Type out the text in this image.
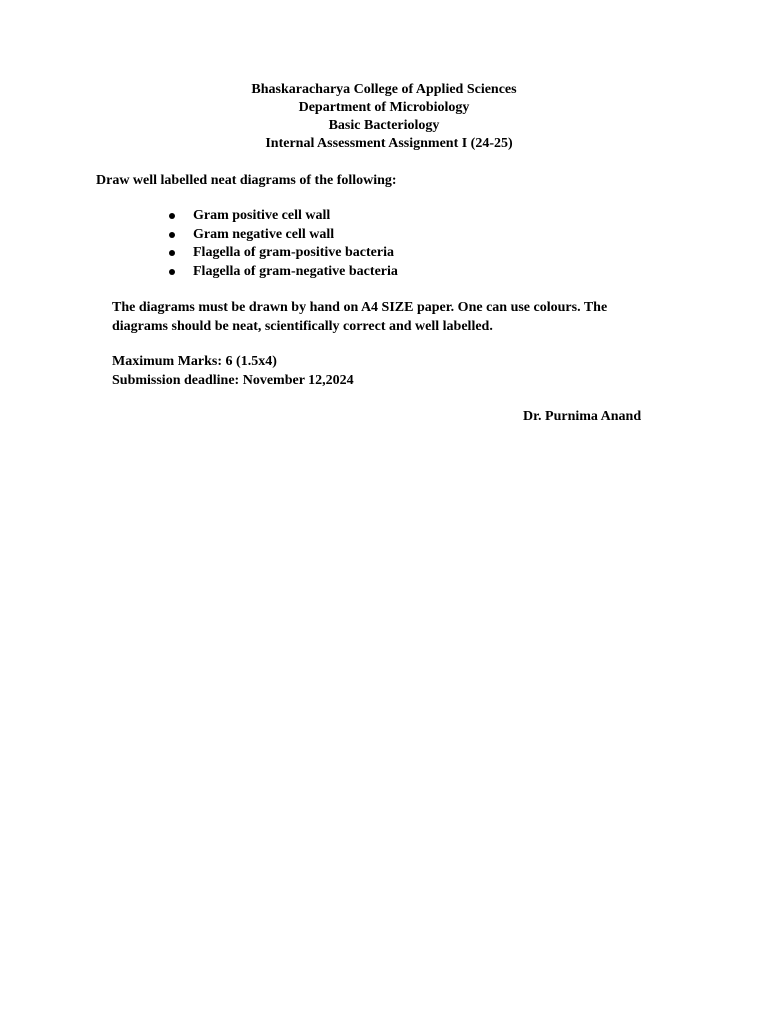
Bhaskaracharya College of Applied Sciences
Department of Microbiology
Basic Bacteriology
Internal Assessment Assignment I (24-25)
Draw well labelled neat diagrams of the following:
Gram positive cell wall
Gram negative cell wall
Flagella of gram-positive bacteria
Flagella of gram-negative bacteria
The diagrams must be drawn by hand on A4 SIZE paper. One can use colours. The
diagrams should be neat, scientifically correct and well labelled.
Maximum Marks: 6 (1.5x4)
Submission deadline: November 12,2024
Dr. Purnima Anand
